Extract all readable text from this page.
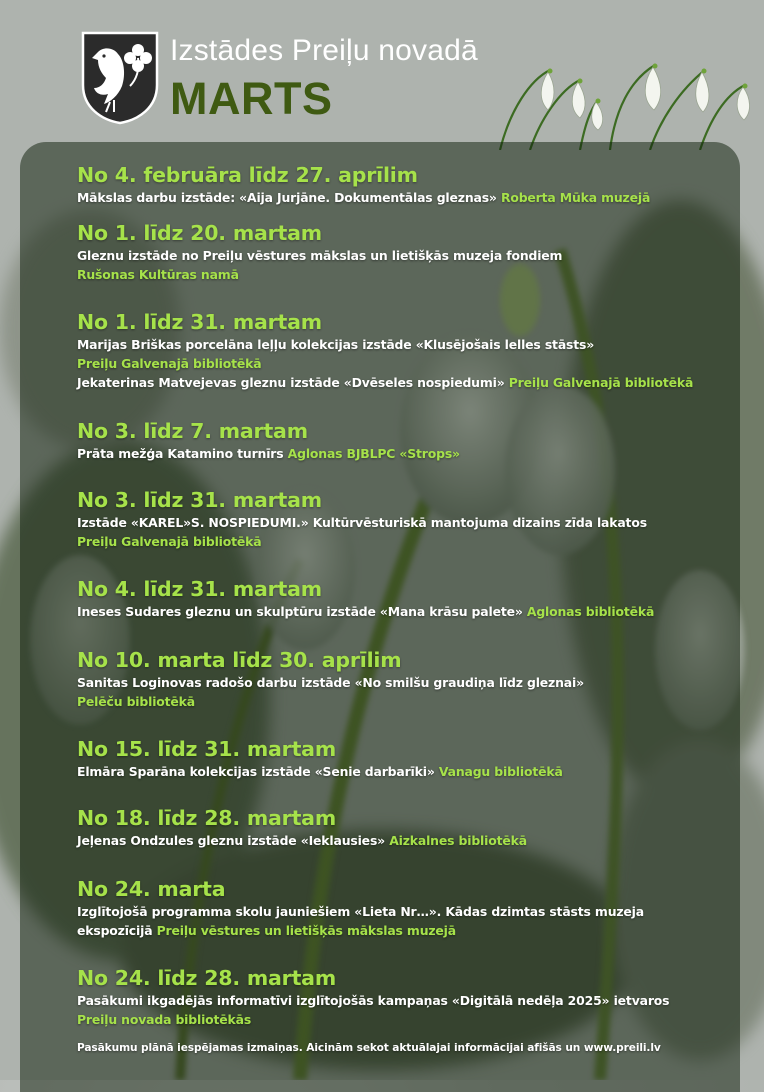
Izstādes Preiļu novadā
MARTS
No 4. februāra līdz 27. aprīlim
Mākslas darbu izstāde: «Aija Jurjāne. Dokumentālas gleznas» Roberta Mūka muzejā
No 1. līdz 20. martam
Gleznu izstāde no Preiļu vēstures mākslas un lietišķās muzeja fondiem
Rušonas Kultūras namā
No 1. līdz 31. martam
Marijas Briškas porcelāna leļļu kolekcijas izstāde «Klusējošais lelles stāsts»
Preiļu Galvenajā bibliotēkā
Jekaterinas Matvejevas gleznu izstāde «Dvēseles nospiedumi» Preiļu Galvenajā bibliotēkā
No 3. līdz 7. martam
Prāta mežģa Katamino turnīrs Aglonas BJBLPC «Strops»
No 3. līdz 31. martam
Izstāde «KAREL»S. NOSPIEDUMI.» Kultūrvēsturiskā mantojuma dizains zīda lakatos
Preiļu Galvenajā bibliotēkā
No 4. līdz 31. martam
Ineses Sudares gleznu un skulptūru izstāde «Mana krāsu palete» Aglonas bibliotēkā
No 10. marta līdz 30. aprīlim
Sanitas Loginovas radošo darbu izstāde «No smilšu graudiņa līdz gleznai»
Pelēču bibliotēkā
No 15. līdz 31. martam
Elmāra Sparāna kolekcijas izstāde «Senie darbarīki» Vanagu bibliotēkā
No 18. līdz 28. martam
Jeļenas Ondzules gleznu izstāde «Ieklausies» Aizkalnes bibliotēkā
No 24. marta
Izglītojošā programma skolu jauniešiem «Lieta Nr…». Kādas dzimtas stāsts muzeja
ekspozīcijā Preiļu vēstures un lietišķās mākslas muzejā
No 24. līdz 28. martam
Pasākumi ikgadējās informatīvi izglītojošās kampaņas «Digitālā nedēļa 2025» ietvaros
Preiļu novada bibliotēkās
Pasākumu plānā iespējamas izmaiņas. Aicinām sekot aktuālajai informācijai afišās un www.preili.lv
